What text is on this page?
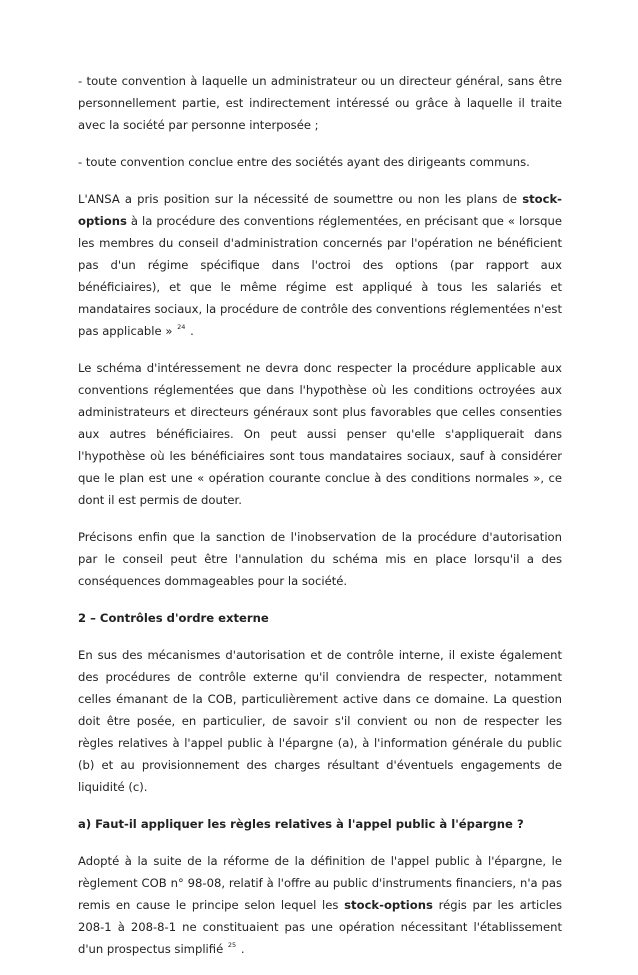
- toute convention à laquelle un administrateur ou un directeur général, sans être personnellement partie, est indirectement intéressé ou grâce à laquelle il traite avec la société par personne interposée ;

- toute convention conclue entre des sociétés ayant des dirigeants communs.

L'ANSA a pris position sur la nécessité de soumettre ou non les plans de stock-options à la procédure des conventions réglementées, en précisant que « lorsque les membres du conseil d'administration concernés par l'opération ne bénéficient pas d'un régime spécifique dans l'octroi des options (par rapport aux bénéficiaires), et que le même régime est appliqué à tous les salariés et mandataires sociaux, la procédure de contrôle des conventions réglementées n'est pas applicable » $^{24}$ .

Le schéma d'intéressement ne devra donc respecter la procédure applicable aux conventions réglementées que dans l'hypothèse où les conditions octroyées aux administrateurs et directeurs généraux sont plus favorables que celles consenties aux autres bénéficiaires. On peut aussi penser qu'elle s'appliquerait dans l'hypothèse où les bénéficiaires sont tous mandataires sociaux, sauf à considérer que le plan est une « opération courante conclue à des conditions normales », ce dont il est permis de douter.

Précisons enfin que la sanction de l'inobservation de la procédure d'autorisation par le conseil peut être l'annulation du schéma mis en place lorsqu'il a des conséquences dommageables pour la société.

2 – Contrôles d'ordre externe

En sus des mécanismes d'autorisation et de contrôle interne, il existe également des procédures de contrôle externe qu'il conviendra de respecter, notamment celles émanant de la COB, particulièrement active dans ce domaine. La question doit être posée, en particulier, de savoir s'il convient ou non de respecter les règles relatives à l'appel public à l'épargne (a), à l'information générale du public (b) et au provisionnement des charges résultant d'éventuels engagements de liquidité (c).

a) Faut-il appliquer les règles relatives à l'appel public à l'épargne ?

Adopté à la suite de la réforme de la définition de l'appel public à l'épargne, le règlement COB n° 98-08, relatif à l'offre au public d'instruments financiers, n'a pas remis en cause le principe selon lequel les stock-options régis par les articles 208-1 à 208-8-1 ne constituaient pas une opération nécessitant l'établissement d'un prospectus simplifié $^{25}$ .
